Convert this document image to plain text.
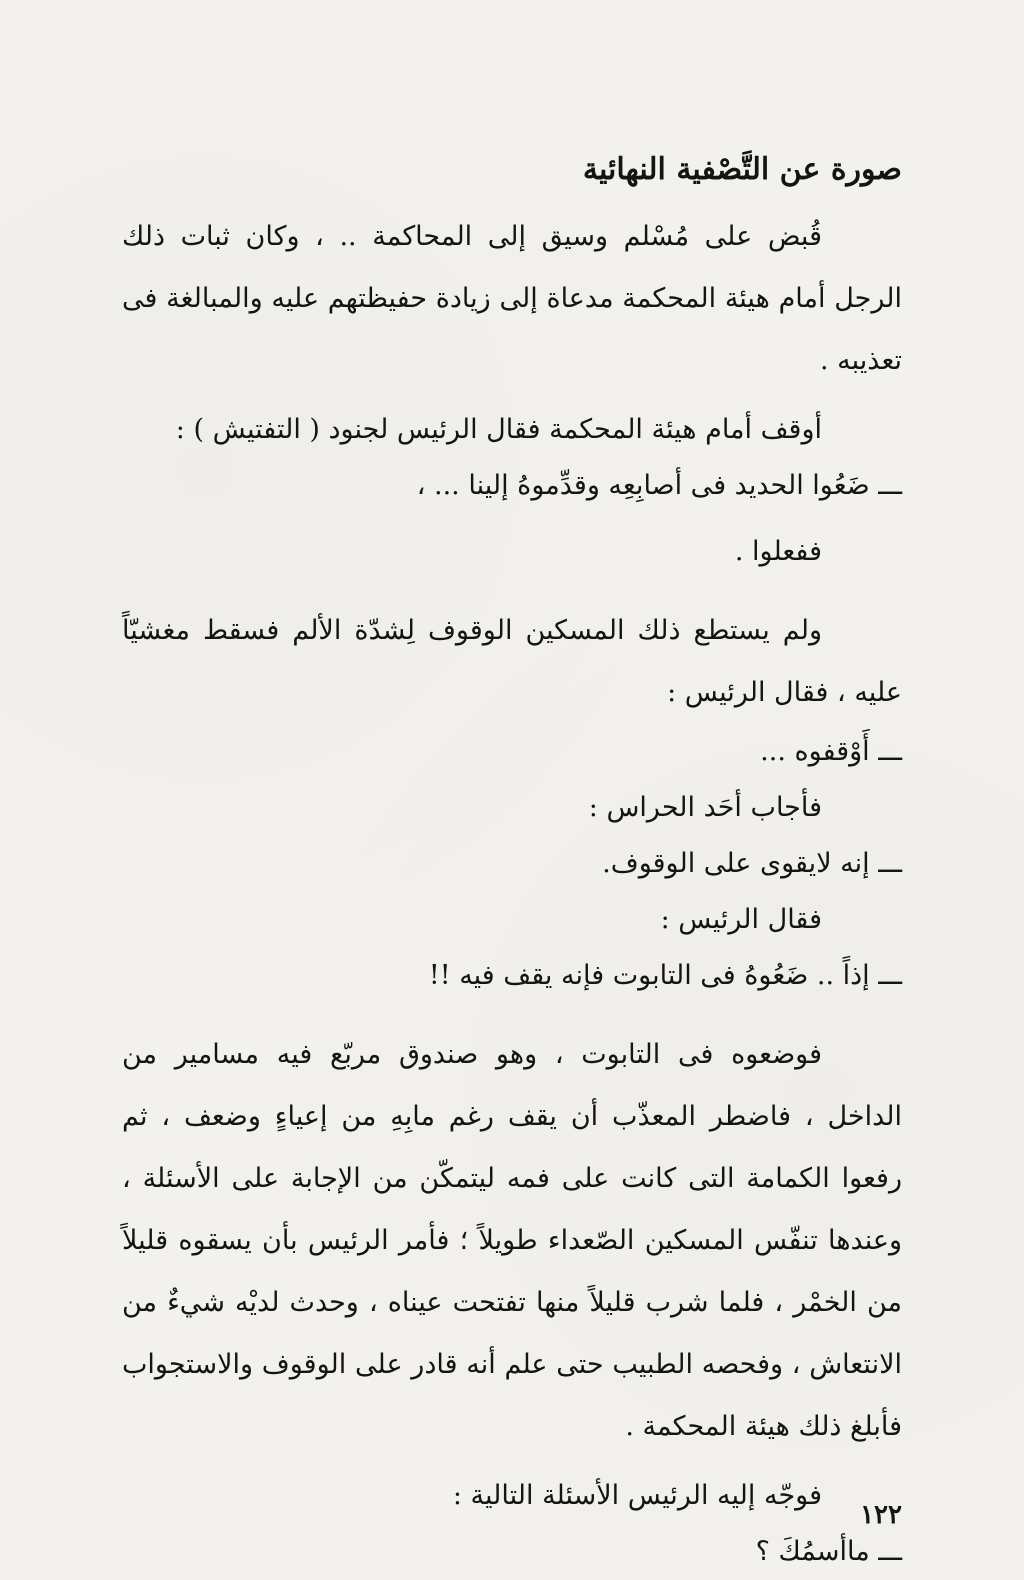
صورة عن التَّصْفية النهائية

قُبض على مُسْلم وسيق إلى المحاكمة .. ، وكان ثبات ذلك الرجل أمام هيئة المحكمة مدعاة إلى زيادة حفيظتهم عليه والمبالغة فى تعذيبه .

أوقف أمام هيئة المحكمة فقال الرئيس لجنود ( التفتيش ) :

ـــ ضَعُوا الحديد فى أصابِعِه وقدِّموهُ إلينا ... ،

ففعلوا .

ولم يستطع ذلك المسكين الوقوف لِشدّة الألم فسقط مغشيّاً عليه ، فقال الرئيس :

ـــ أَوْقفوه ...

فأجاب أحَد الحراس :

ـــ إنه لايقوى على الوقوف.

فقال الرئيس :

ـــ إذاً .. ضَعُوهُ فى التابوت فإنه يقف فيه !!

فوضعوه فى التابوت ، وهو صندوق مربّع فيه مسامير من الداخل ، فاضطر المعذّب أن يقف رغم مابِهِ من إعياءٍ وضعف ، ثم رفعوا الكمامة التى كانت على فمه ليتمكّن من الإجابة على الأسئلة ، وعندها تنفّس المسكين الصّعداء طويلاً ؛ فأمر الرئيس بأن يسقوه قليلاً من الخمْر ، فلما شرب قليلاً منها تفتحت عيناه ، وحدث لديْه شيءٌ من الانتعاش ، وفحصه الطبيب حتى علم أنه قادر على الوقوف والاستجواب فأبلغ ذلك هيئة المحكمة .

فوجّه إليه الرئيس الأسئلة التالية :

ـــ ماأسمُكَ ؟

١٢٢
